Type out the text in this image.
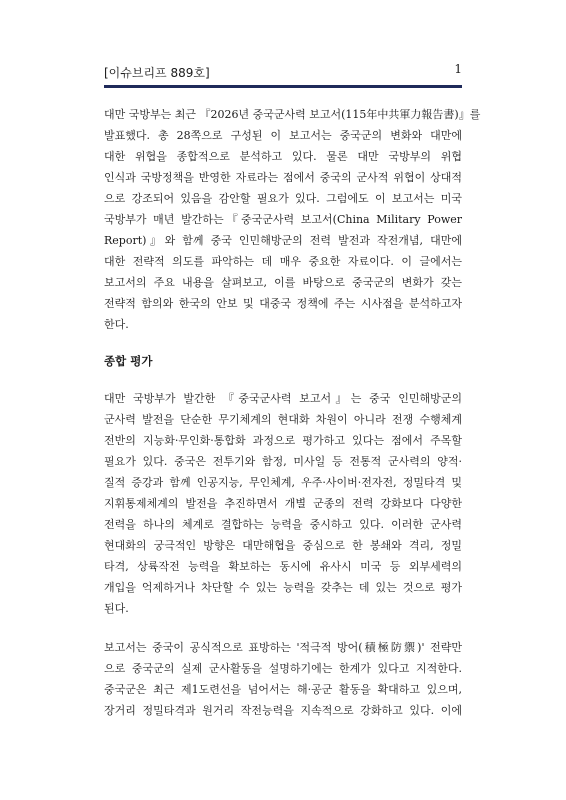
[이슈브리프 889호]	1

대만 국방부는 최근 『2026년 중국군사력 보고서(115年中共軍力報告書)』를
발표했다. 총 28쪽으로 구성된 이 보고서는 중국군의 변화와 대만에
대한 위협을 종합적으로 분석하고 있다. 물론 대만 국방부의 위협
인식과 국방정책을 반영한 자료라는 점에서 중국의 군사적 위협이 상대적
으로 강조되어 있음을 감안할 필요가 있다. 그럼에도 이 보고서는 미국
국방부가 매년 발간하는『중국군사력 보고서(China Military Power
Report)』와 함께 중국 인민해방군의 전력 발전과 작전개념, 대만에
대한 전략적 의도를 파악하는 데 매우 중요한 자료이다. 이 글에서는
보고서의 주요 내용을 살펴보고, 이를 바탕으로 중국군의 변화가 갖는
전략적 함의와 한국의 안보 및 대중국 정책에 주는 시사점을 분석하고자
한다.

종합 평가

대만 국방부가 발간한 『중국군사력 보고서』는 중국 인민해방군의
군사력 발전을 단순한 무기체계의 현대화 차원이 아니라 전쟁 수행체계
전반의 지능화·무인화·통합화 과정으로 평가하고 있다는 점에서 주목할
필요가 있다. 중국은 전투기와 함정, 미사일 등 전통적 군사력의 양적·
질적 증강과 함께 인공지능, 무인체계, 우주·사이버·전자전, 정밀타격 및
지휘통제체계의 발전을 추진하면서 개별 군종의 전력 강화보다 다양한
전력을 하나의 체계로 결합하는 능력을 중시하고 있다. 이러한 군사력
현대화의 궁극적인 방향은 대만해협을 중심으로 한 봉쇄와 격리, 정밀
타격, 상륙작전 능력을 확보하는 동시에 유사시 미국 등 외부세력의
개입을 억제하거나 차단할 수 있는 능력을 갖추는 데 있는 것으로 평가
된다.

보고서는 중국이 공식적으로 표방하는 '적극적 방어(積極防禦)' 전략만
으로 중국군의 실제 군사활동을 설명하기에는 한계가 있다고 지적한다.
중국군은 최근 제1도련선을 넘어서는 해·공군 활동을 확대하고 있으며,
장거리 정밀타격과 원거리 작전능력을 지속적으로 강화하고 있다. 이에
